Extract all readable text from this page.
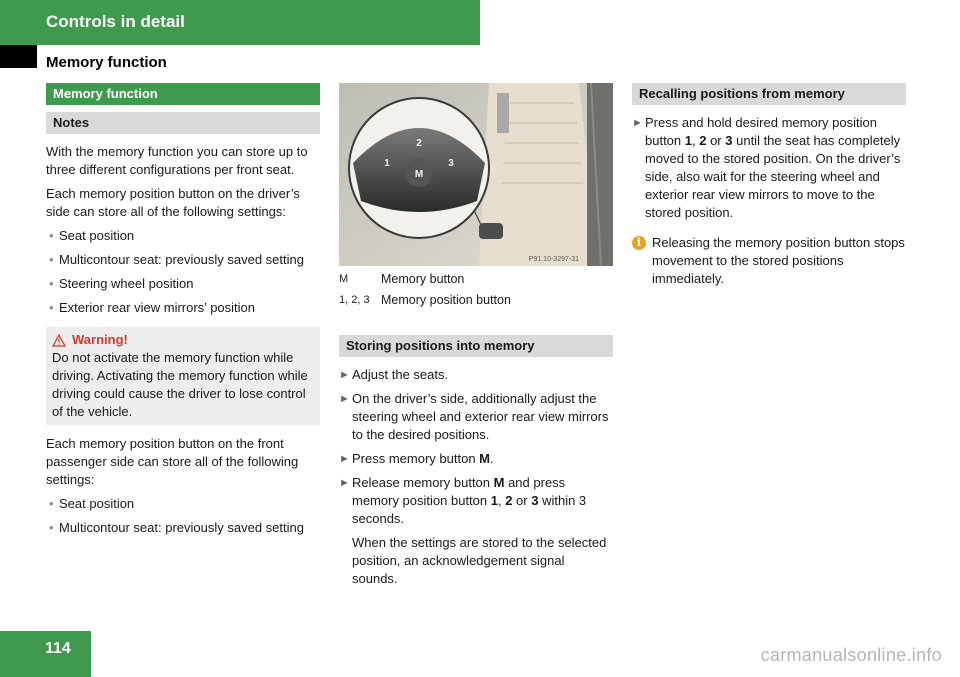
Controls in detail
Memory function
Memory function
Notes

With the memory function you can store up to three different configurations per front seat.

Each memory position button on the driver’s side can store all of the following settings:

• Seat position
• Multicontour seat: previously saved setting
• Steering wheel position
• Exterior rear view mirrors’ position
Warning!
Do not activate the memory function while driving. Activating the memory function while driving could cause the driver to lose control of the vehicle.

Each memory position button on the front passenger side can store all of the following settings:

• Seat position
• Multicontour seat: previously saved setting
M
1
2
3
P91.10-3297-31
M	Memory button
1, 2, 3 Memory position button
Storing positions into memory
► Adjust the seats.
► On the driver’s side, additionally adjust the steering wheel and exterior rear view mirrors to the desired positions.
► Press memory button M.
► Release memory button M and press memory position button 1, 2 or 3 within 3 seconds.
When the settings are stored to the selected position, an acknowledgement signal sounds.
Recalling positions from memory
► Press and hold desired memory position button 1, 2 or 3 until the seat has completely moved to the stored position. On the driver’s side, also wait for the steering wheel and exterior rear view mirrors to move to the stored position.
i Releasing the memory position button stops movement to the stored positions immediately.
114	carmanualsonline.info
